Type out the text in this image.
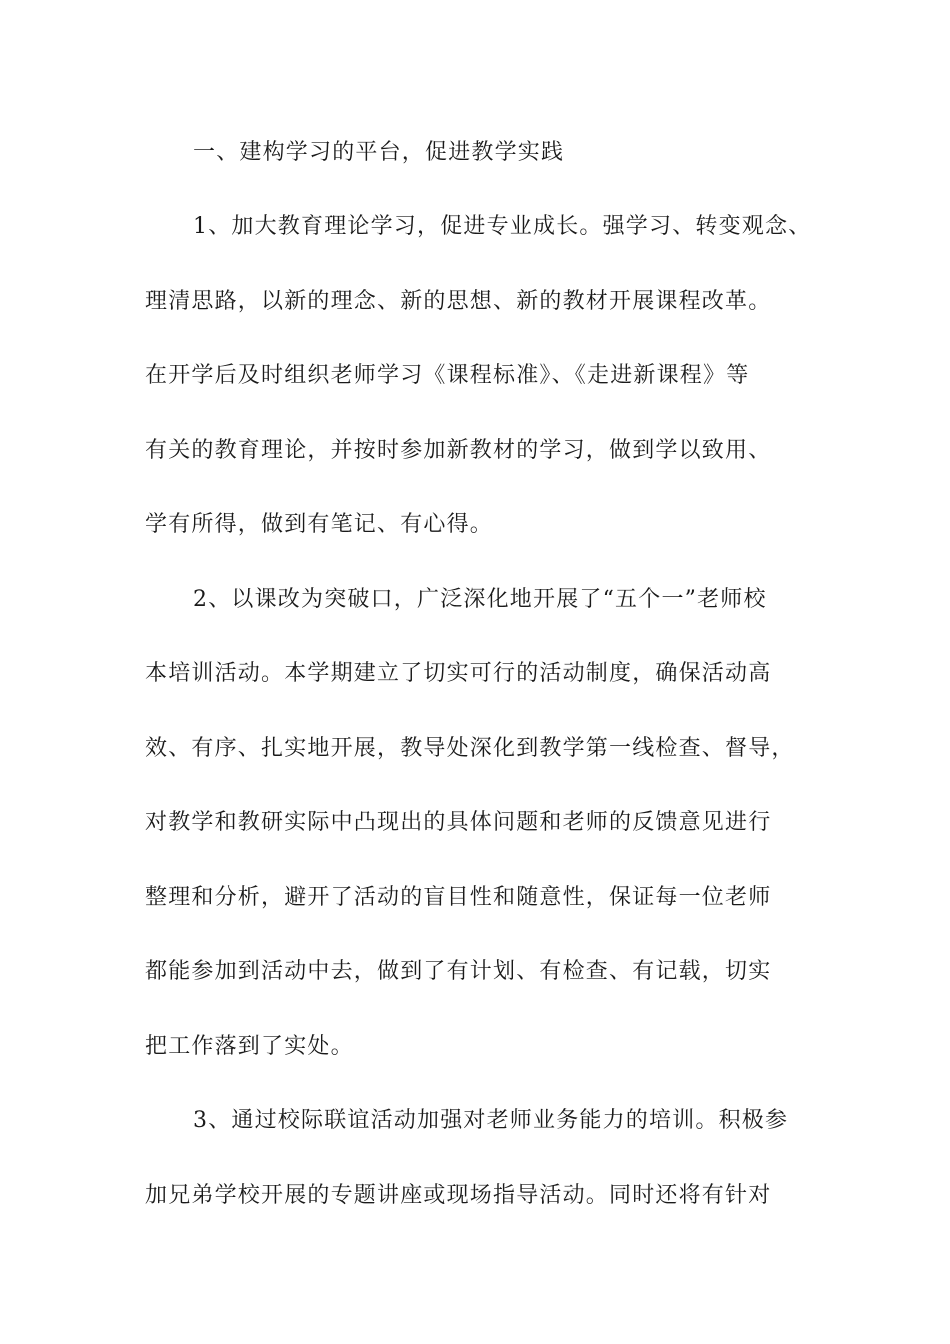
一、建构学习的平台，促进教学实践
1、加大教育理论学习，促进专业成长。强学习、转变观念、
理清思路，以新的理念、新的思想、新的教材开展课程改革。
在开学后及时组织老师学习《课程标准》、《走进新课程》等
有关的教育理论，并按时参加新教材的学习，做到学以致用、
学有所得，做到有笔记、有心得。
2、以课改为突破口，广泛深化地开展了“五个一”老师校
本培训活动。本学期建立了切实可行的活动制度，确保活动高
效、有序、扎实地开展，教导处深化到教学第一线检查、督导，
对教学和教研实际中凸现出的具体问题和老师的反馈意见进行
整理和分析，避开了活动的盲目性和随意性，保证每一位老师
都能参加到活动中去，做到了有计划、有检查、有记载，切实
把工作落到了实处。
3、通过校际联谊活动加强对老师业务能力的培训。积极参
加兄弟学校开展的专题讲座或现场指导活动。同时还将有针对
